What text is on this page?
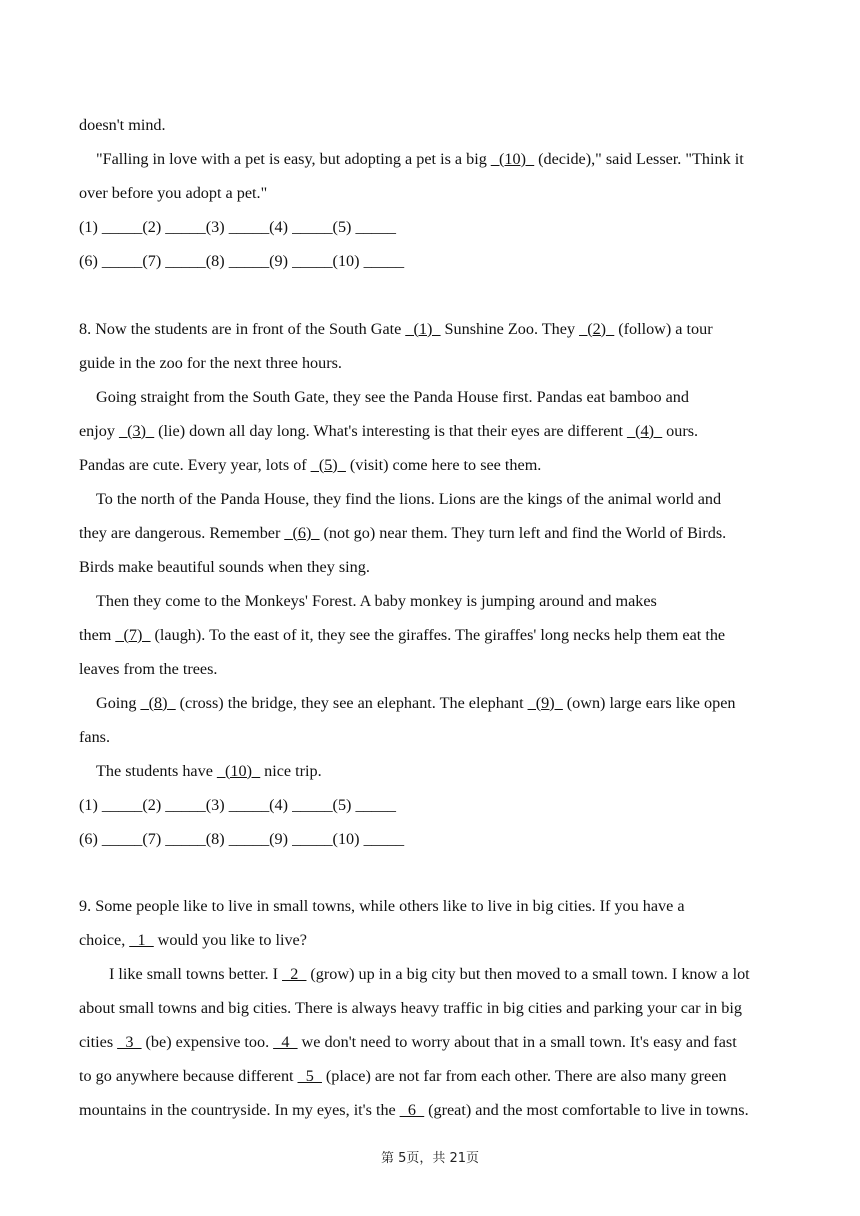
doesn't mind.
"Falling in love with a pet is easy, but adopting a pet is a big _(10)_ (decide)," said Lesser. "Think it
over before you adopt a pet."
(1) _____(2) _____(3) _____(4) _____(5) _____
(6) _____(7) _____(8) _____(9) _____(10) _____
8. Now the students are in front of the South Gate _(1)_ Sunshine Zoo. They _(2)_ (follow) a tour
guide in the zoo for the next three hours.
Going straight from the South Gate, they see the Panda House first. Pandas eat bamboo and
enjoy _(3)_ (lie) down all day long. What's interesting is that their eyes are different _(4)_ ours.
Pandas are cute. Every year, lots of _(5)_ (visit) come here to see them.
To the north of the Panda House, they find the lions. Lions are the kings of the animal world and
they are dangerous. Remember _(6)_ (not go) near them. They turn left and find the World of Birds.
Birds make beautiful sounds when they sing.
Then they come to the Monkeys' Forest. A baby monkey is jumping around and makes
them _(7)_ (laugh). To the east of it, they see the giraffes. The giraffes' long necks help them eat the
leaves from the trees.
Going _(8)_ (cross) the bridge, they see an elephant. The elephant _(9)_ (own) large ears like open
fans.
The students have _(10)_ nice trip.
(1) _____(2) _____(3) _____(4) _____(5) _____
(6) _____(7) _____(8) _____(9) _____(10) _____
9. Some people like to live in small towns, while others like to live in big cities. If you have a
choice, _1_ would you like to live?
I like small towns better. I _2_ (grow) up in a big city but then moved to a small town. I know a lot
about small towns and big cities. There is always heavy traffic in big cities and parking your car in big
cities _3_ (be) expensive too. _4_ we don't need to worry about that in a small town. It's easy and fast
to go anywhere because different _5_ (place) are not far from each other. There are also many green
mountains in the countryside. In my eyes, it's the _6_ (great) and the most comfortable to live in towns.
第 5页，共 21页
